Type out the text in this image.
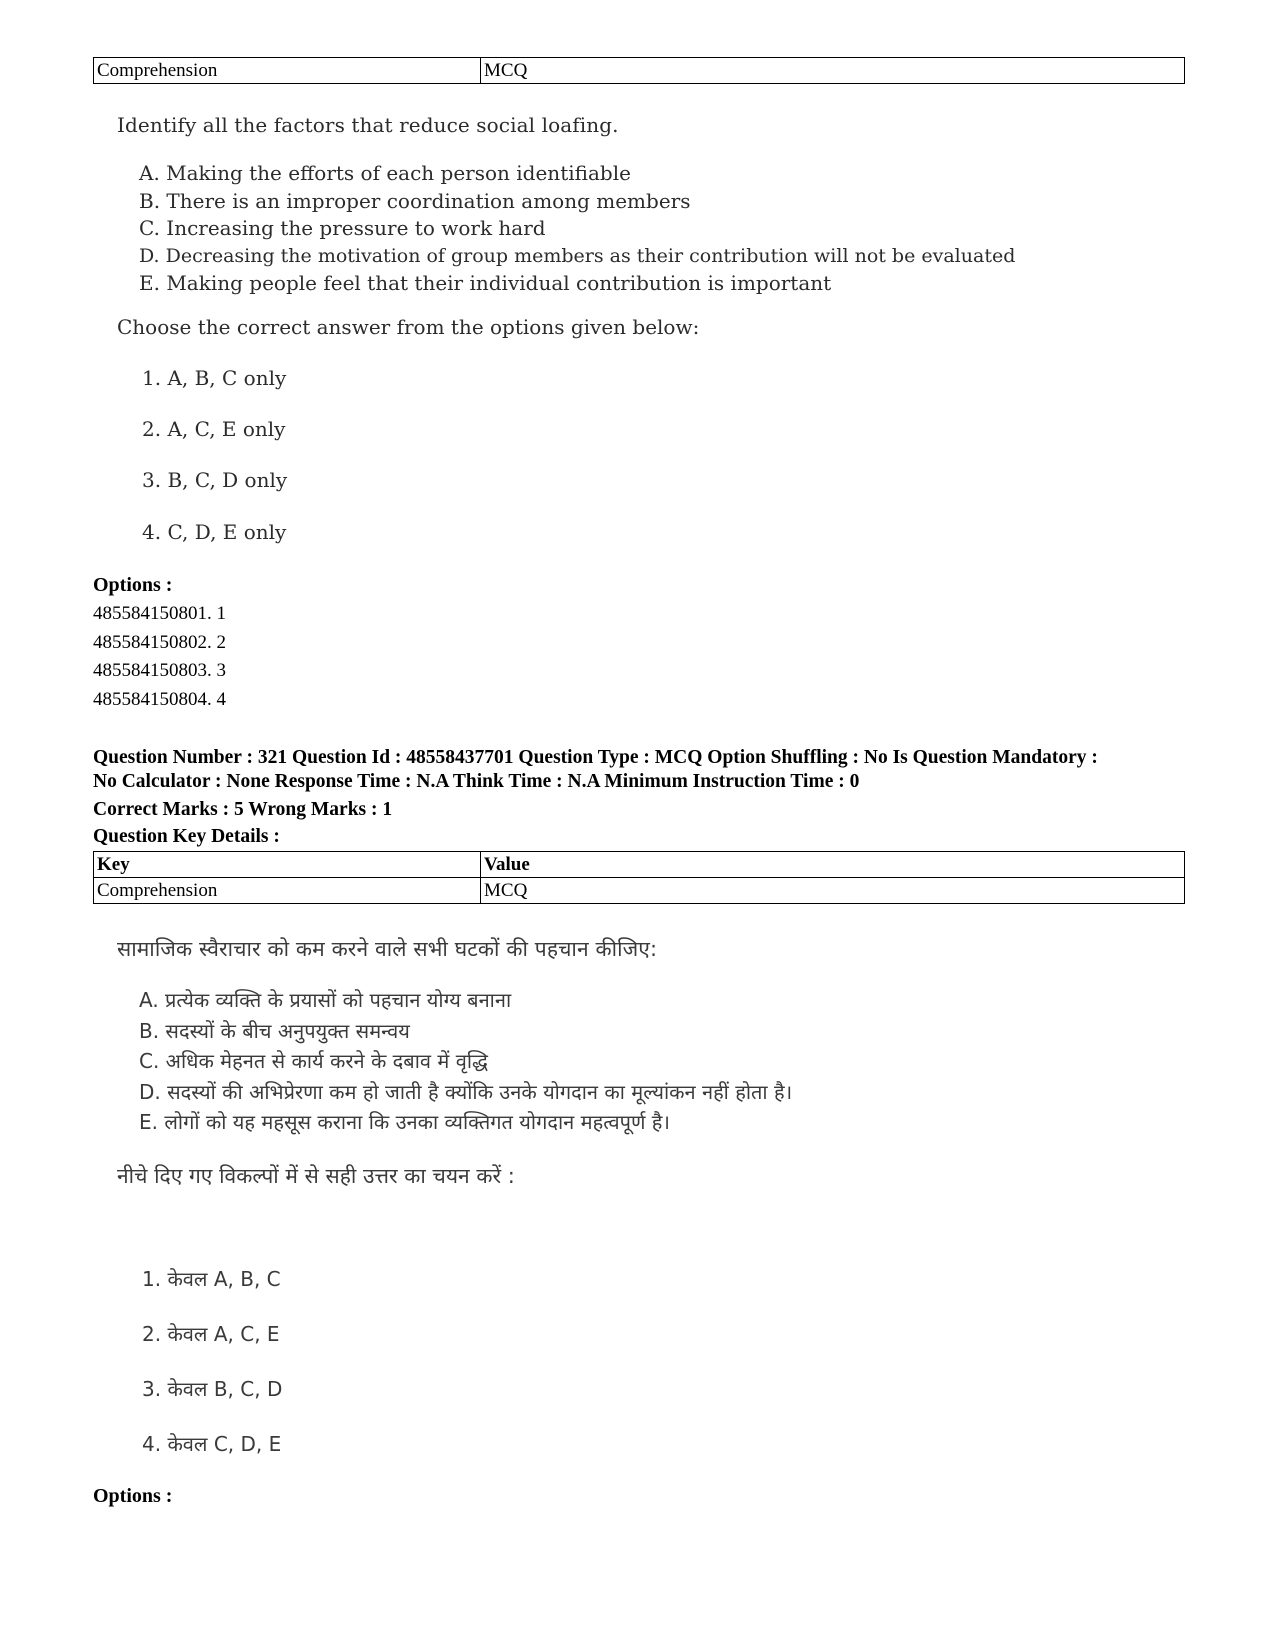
Comprehension	MCQ
Identify all the factors that reduce social loafing.
A. Making the efforts of each person identifiable
B. There is an improper coordination among members
C. Increasing the pressure to work hard
D. Decreasing the motivation of group members as their contribution will not be evaluated
E. Making people feel that their individual contribution is important
Choose the correct answer from the options given below:
1. A, B, C only
2. A, C, E only
3. B, C, D only
4. C, D, E only
Options :
485584150801. 1
485584150802. 2
485584150803. 3
485584150804. 4
Question Number : 321 Question Id : 48558437701 Question Type : MCQ Option Shuffling : No Is Question Mandatory :
No Calculator : None Response Time : N.A Think Time : N.A Minimum Instruction Time : 0
Correct Marks : 5 Wrong Marks : 1
Question Key Details :
Key	Value
Comprehension	MCQ
सामाजिक स्वैराचार को कम करने वाले सभी घटकों की पहचान कीजिए:
A. प्रत्येक व्यक्ति के प्रयासों को पहचान योग्य बनाना
B. सदस्यों के बीच अनुपयुक्त समन्वय
C. अधिक मेहनत से कार्य करने के दबाव में वृद्धि
D. सदस्यों की अभिप्रेरणा कम हो जाती है क्योंकि उनके योगदान का मूल्यांकन नहीं होता है।
E. लोगों को यह महसूस कराना कि उनका व्यक्तिगत योगदान महत्वपूर्ण है।
नीचे दिए गए विकल्पों में से सही उत्तर का चयन करें :
1. केवल A, B, C
2. केवल A, C, E
3. केवल B, C, D
4. केवल C, D, E
Options :
